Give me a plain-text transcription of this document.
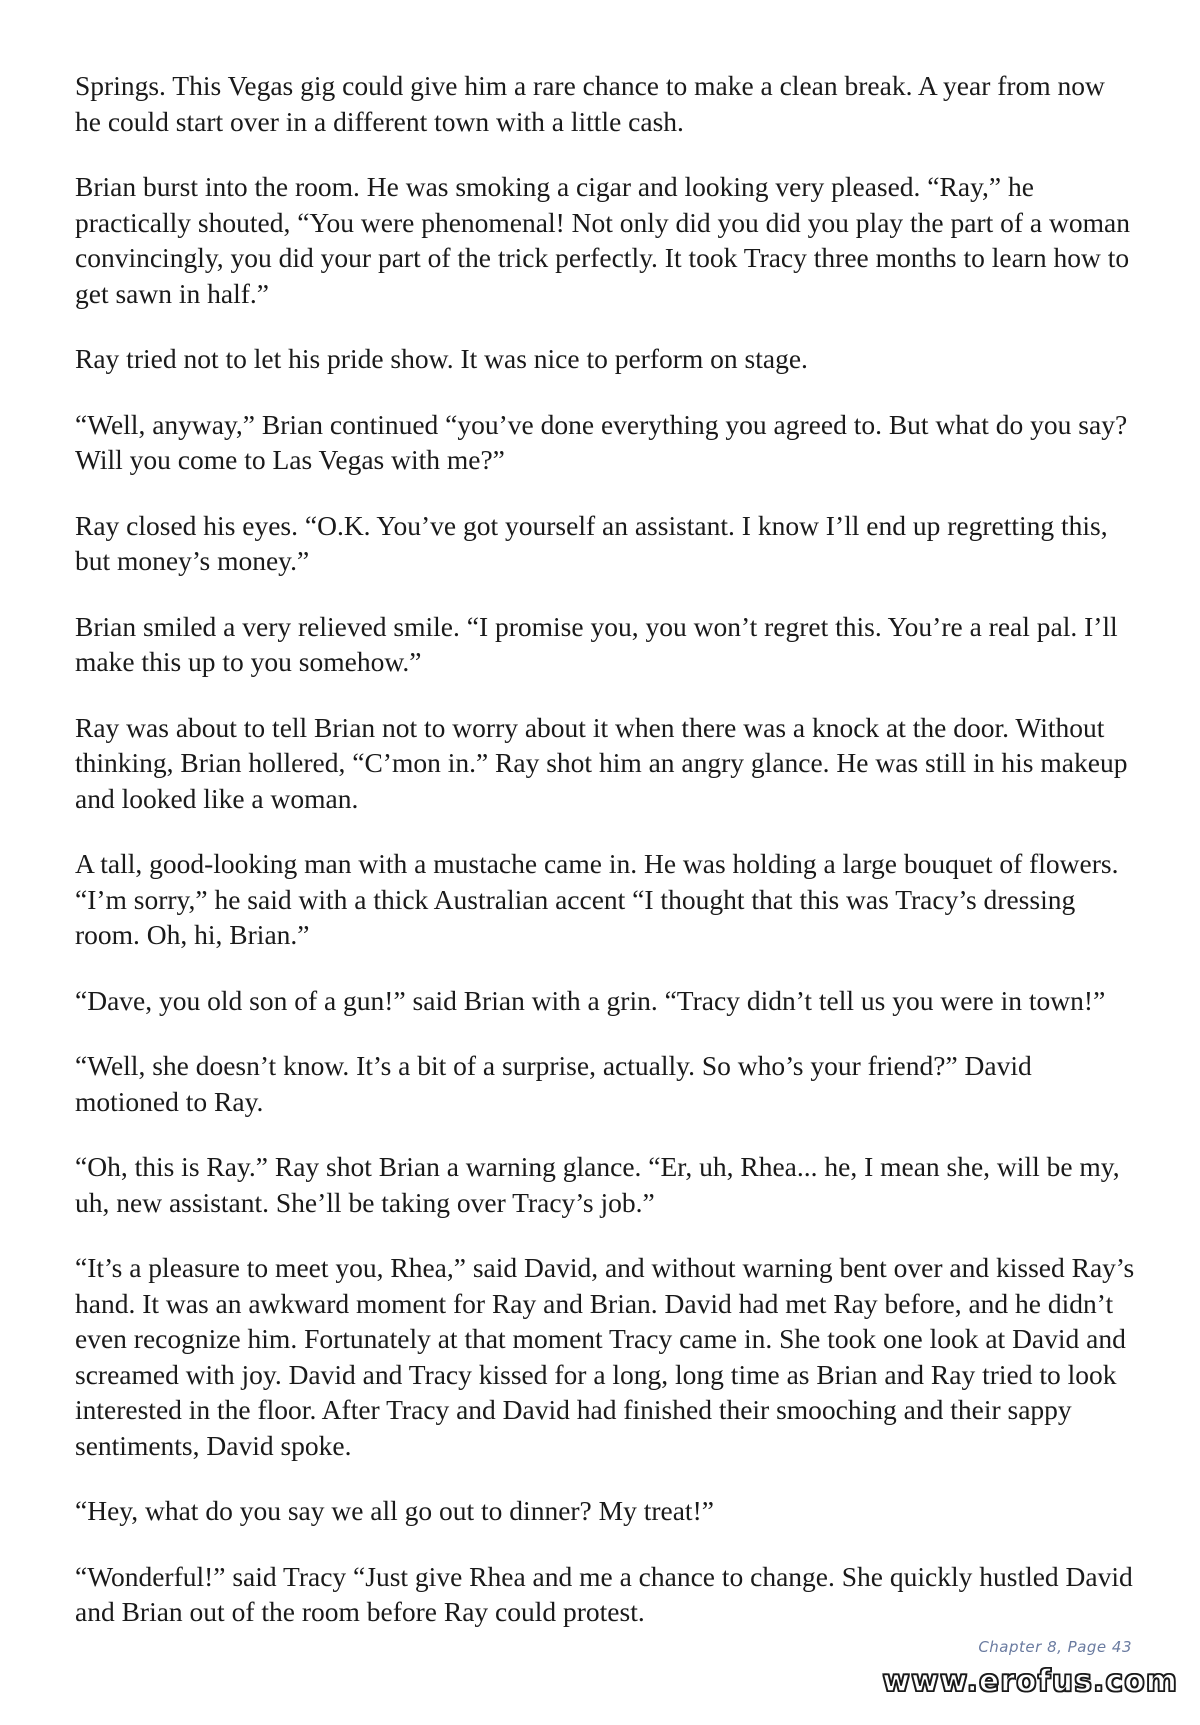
Springs. This Vegas gig could give him a rare chance to make a clean break. A year from now he could start over in a different town with a little cash.

Brian burst into the room. He was smoking a cigar and looking very pleased. “Ray,” he practically shouted, “You were phenomenal! Not only did you did you play the part of a woman convincingly, you did your part of the trick perfectly. It took Tracy three months to learn how to get sawn in half.”

Ray tried not to let his pride show. It was nice to perform on stage.

“Well, anyway,” Brian continued “you’ve done everything you agreed to. But what do you say? Will you come to Las Vegas with me?”

Ray closed his eyes. “O.K. You’ve got yourself an assistant. I know I’ll end up regretting this, but money’s money.”

Brian smiled a very relieved smile. “I promise you, you won’t regret this. You’re a real pal. I’ll make this up to you somehow.”

Ray was about to tell Brian not to worry about it when there was a knock at the door. Without thinking, Brian hollered, “C’mon in.” Ray shot him an angry glance. He was still in his makeup and looked like a woman.

A tall, good-looking man with a mustache came in. He was holding a large bouquet of flowers. “I’m sorry,” he said with a thick Australian accent “I thought that this was Tracy’s dressing room. Oh, hi, Brian.”

“Dave, you old son of a gun!” said Brian with a grin. “Tracy didn’t tell us you were in town!”

“Well, she doesn’t know. It’s a bit of a surprise, actually. So who’s your friend?” David motioned to Ray.

“Oh, this is Ray.” Ray shot Brian a warning glance. “Er, uh, Rhea... he, I mean she, will be my, uh, new assistant. She’ll be taking over Tracy’s job.”

“It’s a pleasure to meet you, Rhea,” said David, and without warning bent over and kissed Ray’s hand. It was an awkward moment for Ray and Brian. David had met Ray before, and he didn’t even recognize him. Fortunately at that moment Tracy came in. She took one look at David and screamed with joy. David and Tracy kissed for a long, long time as Brian and Ray tried to look interested in the floor. After Tracy and David had finished their smooching and their sappy sentiments, David spoke.

“Hey, what do you say we all go out to dinner? My treat!”

“Wonderful!” said Tracy “Just give Rhea and me a chance to change. She quickly hustled David and Brian out of the room before Ray could protest.

Chapter 8, Page 43
www.erofus.com
